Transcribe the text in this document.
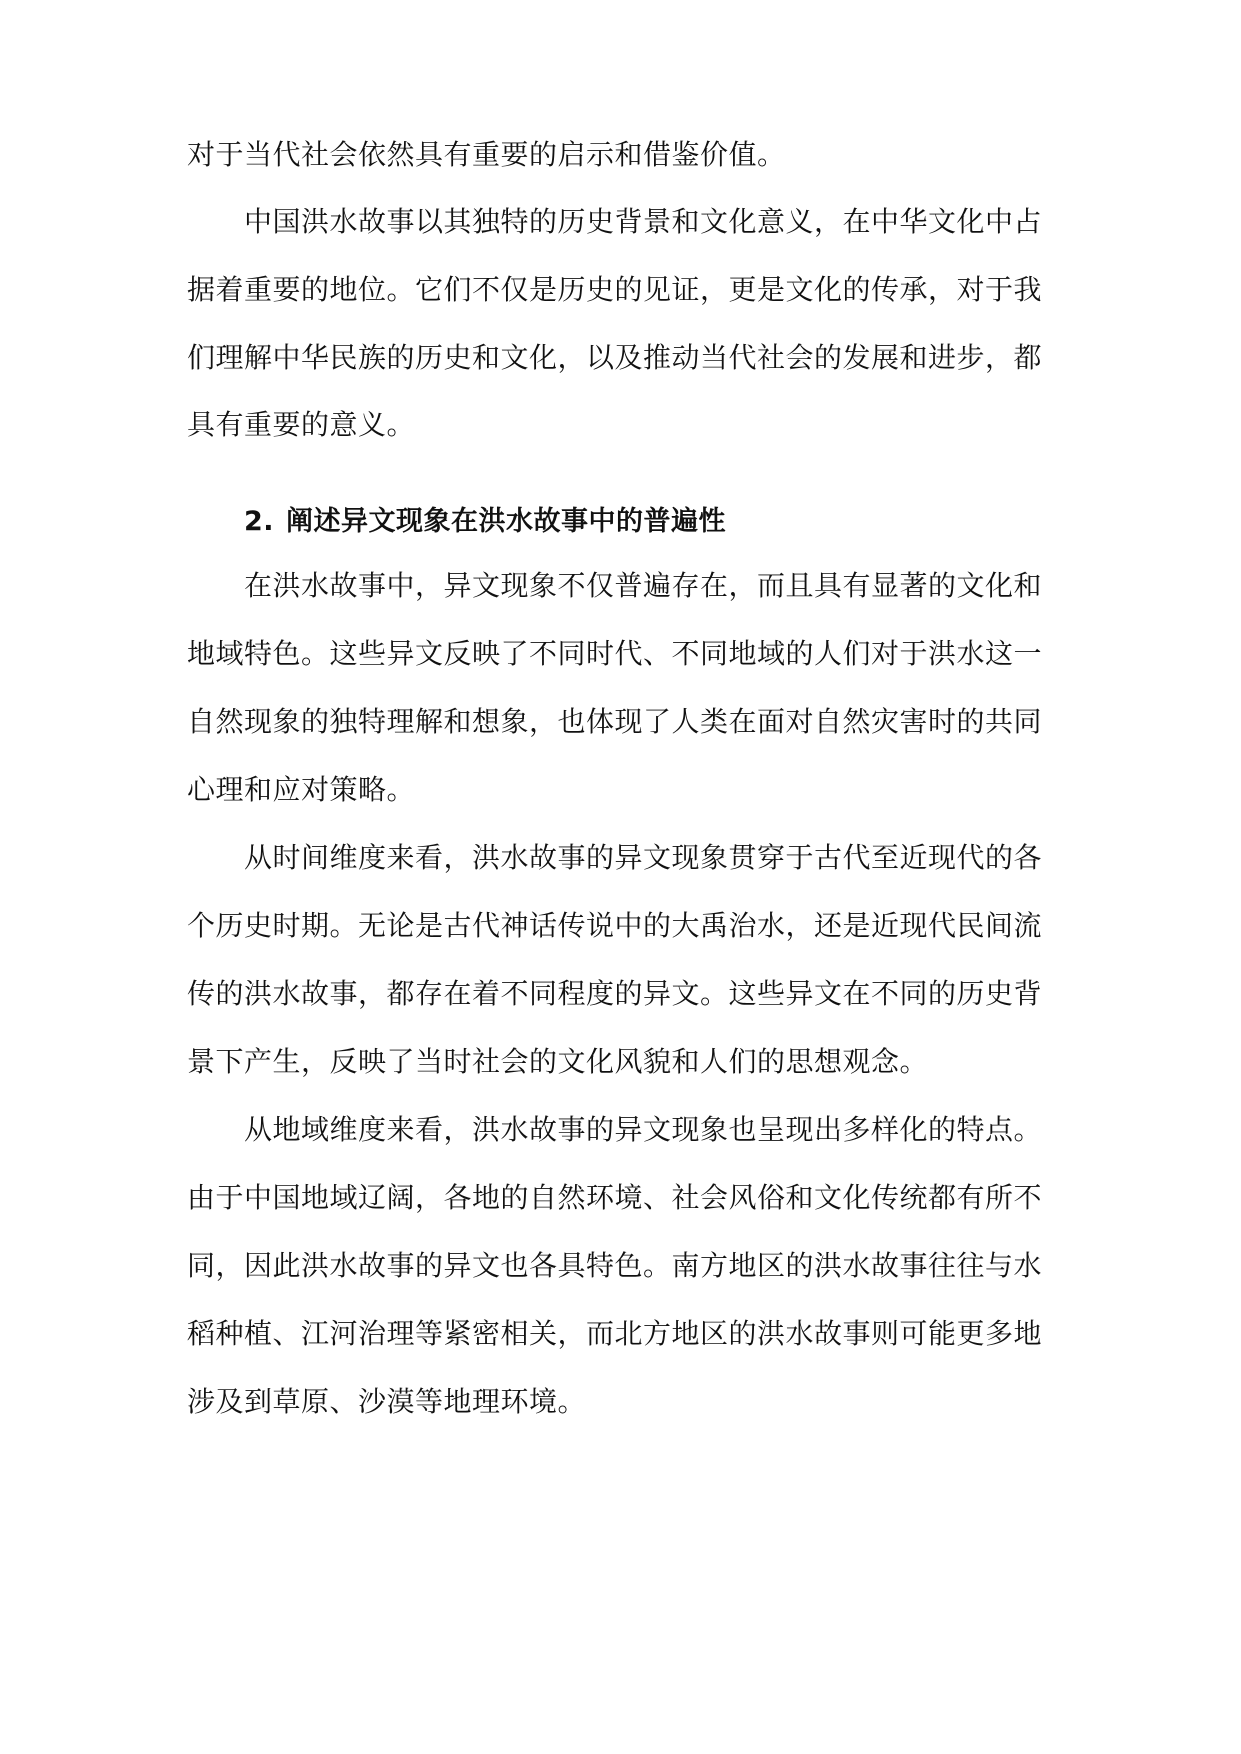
对于当代社会依然具有重要的启示和借鉴价值。
中国洪水故事以其独特的历史背景和文化意义，在中华文化中占
据着重要的地位。它们不仅是历史的见证，更是文化的传承，对于我
们理解中华民族的历史和文化，以及推动当代社会的发展和进步，都
具有重要的意义。
2. 阐述异文现象在洪水故事中的普遍性
在洪水故事中，异文现象不仅普遍存在，而且具有显著的文化和
地域特色。这些异文反映了不同时代、不同地域的人们对于洪水这一
自然现象的独特理解和想象，也体现了人类在面对自然灾害时的共同
心理和应对策略。
从时间维度来看，洪水故事的异文现象贯穿于古代至近现代的各
个历史时期。无论是古代神话传说中的大禹治水，还是近现代民间流
传的洪水故事，都存在着不同程度的异文。这些异文在不同的历史背
景下产生，反映了当时社会的文化风貌和人们的思想观念。
从地域维度来看，洪水故事的异文现象也呈现出多样化的特点。
由于中国地域辽阔，各地的自然环境、社会风俗和文化传统都有所不
同，因此洪水故事的异文也各具特色。南方地区的洪水故事往往与水
稻种植、江河治理等紧密相关，而北方地区的洪水故事则可能更多地
涉及到草原、沙漠等地理环境。
